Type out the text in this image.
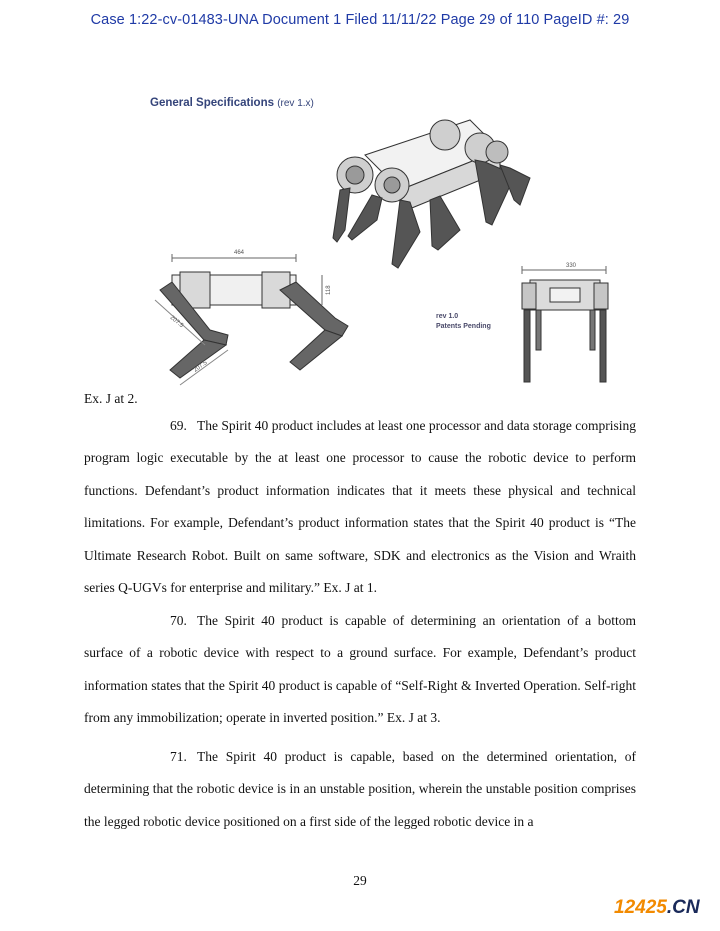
Case 1:22-cv-01483-UNA Document 1 Filed 11/11/22 Page 29 of 110 PageID #: 29
General Specifications (rev 1.x)
464
118
207.5
207.5
330
rev 1.0
Patents Pending
Ex. J at 2.

69. The Spirit 40 product includes at least one processor and data storage comprising program logic executable by the at least one processor to cause the robotic device to perform functions. Defendant’s product information indicates that it meets these physical and technical limitations. For example, Defendant’s product information states that the Spirit 40 product is “The Ultimate Research Robot. Built on same software, SDK and electronics as the Vision and Wraith series Q-UGVs for enterprise and military.” Ex. J at 1.

70. The Spirit 40 product is capable of determining an orientation of a bottom surface of a robotic device with respect to a ground surface. For example, Defendant’s product information states that the Spirit 40 product is capable of “Self-Right & Inverted Operation. Self-right from any immobilization; operate in inverted position.” Ex. J at 3.

71. The Spirit 40 product is capable, based on the determined orientation, of determining that the robotic device is in an unstable position, wherein the unstable position comprises the legged robotic device positioned on a first side of the legged robotic device in a

29
12425.CN
